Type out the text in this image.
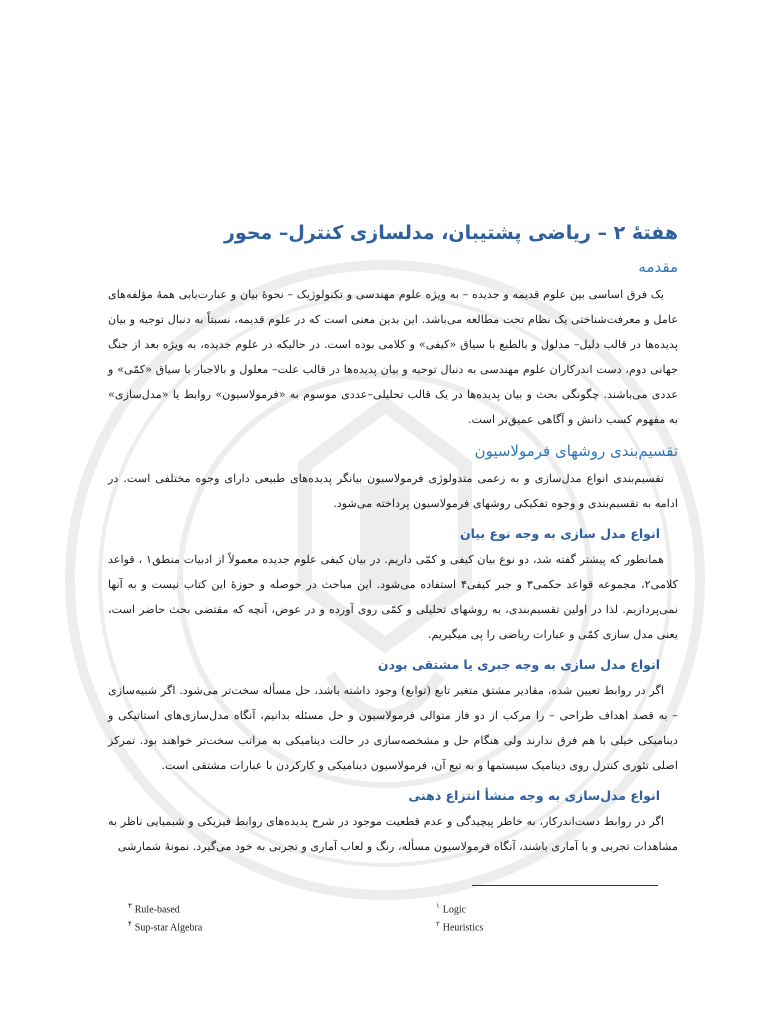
هفتهٔ ۲ – ریاضی پشتیبان، مدلسازی کنترل– محور
مقدمه

یک فرق اساسی بین علوم قدیمه و جدیده – به ویژه علوم مهندسی و تکنولوژیک – نحوهٔ بیان و عبارت‌یابی همهٔ مؤلفه‌های عامل و معرفت‌شناختی یک نظام تحت مطالعه می‌باشد. این بدین معنی است که در علوم قدیمه، نسبتاً به دنبال توجیه و بیان پدیده‌ها در قالب دلیل– مدلول و بالطبع با سیاق «کیفی» و کلامی بوده است. در حالیکه در علوم جدیده، به ویژه بعد از جنگ جهانی دوم، دست اندرکاران علوم مهندسی به دنبال توجیه و بیان پدیده‌ها در قالب علت– معلول و بالاجبار با سیاق «کمّی» و عددی می‌باشند. چگونگی بحث و بیان پدیده‌ها در یک قالب تحلیلی–عددی موسوم به «فرمولاسیون» روابط یا «مدل‌سازی» به مفهوم کسب دانش و آگاهی عمیق‌تر است.

تقسیم‌بندی روشهای فرمولاسیون

تقسیم‌بندی انواع مدل‌سازی و به زعمی متدولوژی فرمولاسیون بیانگر پدیده‌های طبیعی دارای وجوه مختلفی است. در ادامه به تقسیم‌بندی و وجوه تفکیکی روشهای فرمولاسیون پرداخته می‌شود.

انواع مدل سازی به وجه نوع بیان

همانطور که پیشتر گفته شد، دو نوع بیان کیفی و کمّی داریم. در بیان کیفی علوم جدیده معمولاً از ادبیات منطق۱ ، قواعد کلامی۲، مجموعه قواعد حکمی۳ و جبر کیفی۴ استفاده می‌شود. این مباحث در حوصله و حوزهٔ این کتاب نیست و به آنها نمی‌پردازیم. لذا در اولین تقسیم‌بندی، به روشهای تحلیلی و کمّی روی آورده و در عوض، آنچه که مقتضی بحث حاضر است، یعنی مدل سازی کمّی و عبارات ریاضی را پی میگیریم.

انواع مدل سازی به وجه جبری یا مشتقی بودن

اگر در روابط تعیین شده، مقادیر مشتق متغیر تابع (توابع) وجود داشته باشد، حل مسأله سخت‌تر می‌شود. اگر شبیه‌سازی – به قصد اهداف طراحی – را مرکب از دو فاز متوالی فرمولاسیون و حل مسئله بدانیم، آنگاه مدل‌سازی‌های استاتیکی و دینامیکی خیلی با هم فرق ندارند ولی هنگام حل و مشخصه‌سازی در حالت دینامیکی به مراتب سخت‌تر خواهند بود. تمرکز اصلی تئوری کنترل روی دینامیک سیستمها و به تبع آن، فرمولاسیون دینامیکی و کارکردن با عبارات مشتقی است.

انواع مدل‌سازی به وجه منشأ انتزاع ذهنی

اگر در روابط دست‌اندرکار، به خاطر پیچیدگی و عدم قطعیت موجود در شرح پدیده‌های روابط فیزیکی و شیمیایی ناظر به مشاهدات تجربی و یا آماری باشند، آنگاه فرمولاسیون مسأله، رنگ و لعاب آماری و تجربی به خود می‌گیرد. نمونهٔ شمارشی

$^۱$ Logic
$^۲$ Heuristics
$^۳$ Rule-based
$^۴$ Sup-star Algebra
